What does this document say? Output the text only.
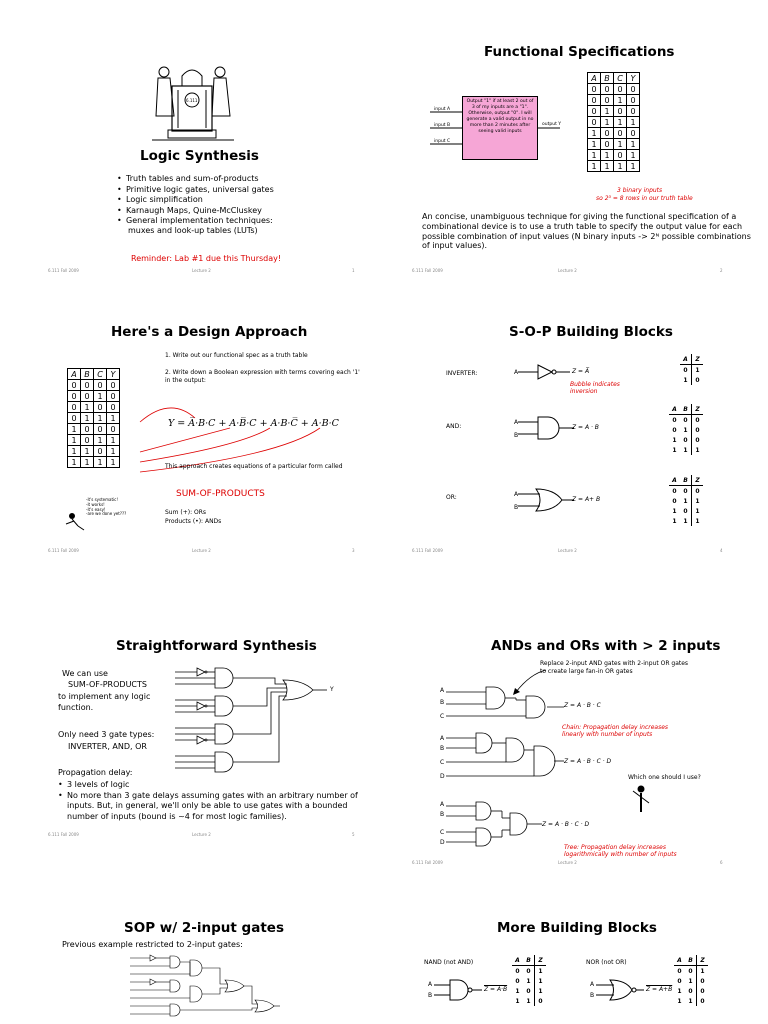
6.111
Logic Synthesis
• Truth tables and sum-of-products
• Primitive logic gates, universal gates
• Logic simplification
• Karnaugh Maps, Quine-McCluskey
• General implementation techniques:
muxes and look-up tables (LUTs)
Reminder: Lab #1 due this Thursday!
6.111 Fall 2009	Lecture 2	1
Functional Specifications
Output "1" if at least 2 out of 3 of my inputs are a "1". Otherwise, output "0". I will generate a valid output in no more than 2 minutes after seeing valid inputs
input A
input B
input C
output Y
A	B	C	Y
0	0	0	0
0	0	1	0
0	1	0	0
0	1	1	1
1	0	0	0
1	0	1	1
1	1	0	1
1	1	1	1
3 binary inputs
so 2³ = 8 rows in our truth table
An concise, unambiguous technique for giving the functional specification of a combinational device is to use a truth table to specify the output value for each possible combination of input values (N binary inputs -> 2ᴺ possible combinations of input values).
6.111 Fall 2009	Lecture 2	2
Here's a Design Approach
1. Write out our functional spec as a truth table
2. Write down a Boolean expression with terms covering each '1' in the output:
A	B	C	Y
0	0	0	0
0	0	1	0
0	1	0	0
0	1	1	1
1	0	0	0
1	0	1	1
1	1	0	1
1	1	1	1
Y = A̅·B·C + A·B̅·C + A·B·C̅ + A·B·C
This approach creates equations of a particular form called
SUM-OF-PRODUCTS
Sum (+): ORs
Products (•): ANDs
-it's systematic!
-it works!
-it's easy!
-are we done yet???
6.111 Fall 2009	Lecture 2	3
S-O-P Building Blocks
INVERTER:
AND:
OR:
A	Z = A̅
Bubble indicates inversion
A
B
Z = A · B
A
B
Z = A+ B
A	Z
0	1
1	0
A	B	Z
0	0	0
0	1	0
1	0	0
1	1	1
A	B	Z
0	0	0
0	1	1
1	0	1
1	1	1
6.111 Fall 2009	Lecture 2	4
Straightforward Synthesis
We can use
SUM-OF-PRODUCTS
to implement any logic function.
Only need 3 gate types:
INVERTER, AND, OR
Propagation delay:
• 3 levels of logic
• No more than 3 gate delays assuming gates with an arbitrary number of inputs. But, in general, we'll only be able to use gates with a bounded number of inputs (bound is ~4 for most logic families).
Y
6.111 Fall 2009	Lecture 2	5
ANDs and ORs with > 2 inputs
Replace 2-input AND gates with 2-input OR gates to create large fan-in OR gates
A
B
C
Z = A · B · C
Chain: Propagation delay increases linearly with number of inputs
A
B
C
D
Z = A · B · C · D
Which one should I use?
A
B
C
D
Z = A · B · C · D
Tree: Propagation delay increases logarithmically with number of inputs
6.111 Fall 2009	Lecture 2	6
SOP w/ 2-input gates
Previous example restricted to 2-input gates:
More Building Blocks
NAND (not AND)	NOR (not OR)
A
B
Z = A·B
A
B
Z = A+B
A	B	Z
0	0	1
0	1	1
1	0	1
1	1	0
A	B	Z
0	0	1
0	1	0
1	0	0
1	1	0
